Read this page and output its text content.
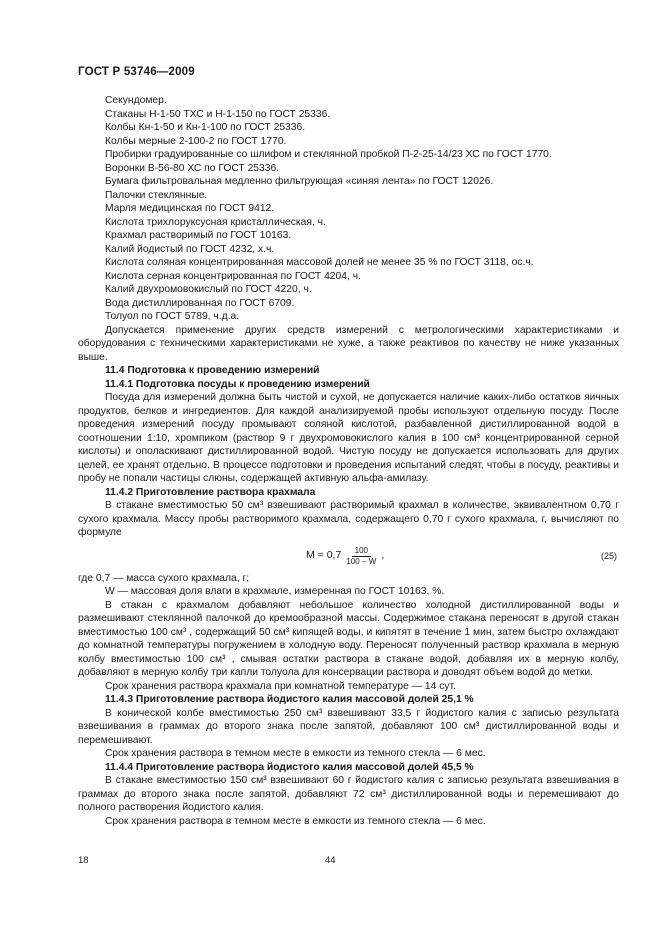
ГОСТ Р 53746—2009

Секундомер.

Стаканы Н-1-50 ТХС и Н-1-150 по ГОСТ 25336.

Колбы Кн-1-50 и Кн-1-100 по ГОСТ 25336.

Колбы мерные 2-100-2 по ГОСТ 1770.

Пробирки градуированные со шлифом и стеклянной пробкой П-2-25-14/23 ХС по ГОСТ 1770.

Воронки В-56-80 ХС по ГОСТ 25336.

Бумага фильтровальная медленно фильтрующая «синяя лента» по ГОСТ 12026.

Палочки стеклянные.

Марля медицинская по ГОСТ 9412.

Кислота трихлоруксусная кристаллическая, ч.

Крахмал растворимый по ГОСТ 10163.

Калий йодистый по ГОСТ 4232, х.ч.

Кислота соляная концентрированная массовой долей не менее 35 % по ГОСТ 3118, ос.ч.

Кислота серная концентрированная по ГОСТ 4204, ч.

Калий двухромовокислый по ГОСТ 4220, ч.

Вода дистиллированная по ГОСТ 6709.

Толуол по ГОСТ 5789, ч.д.а.

Допускается применение других средств измерений с метрологическими характеристиками и оборудования с техническими характеристиками не хуже, а также реактивов по качеству не ниже указанных выше.

11.4 Подготовка к проведению измерений

11.4.1 Подготовка посуды к проведению измерений

Посуда для измерений должна быть чистой и сухой, не допускается наличие каких-либо остатков яичных продуктов, белков и ингредиентов. Для каждой анализируемой пробы используют отдельную посуду. После проведения измерений посуду промывают соляной кислотой, разбавленной дистиллированной водой в соотношении 1:10, хромпиком (раствор 9 г двухромовокислого калия в 100 см³ концентрированной серной кислоты) и ополаскивают дистиллированной водой. Чистую посуду не допускается использовать для других целей, ее хранят отдельно. В процессе подготовки и проведения испытаний следят, чтобы в посуду, реактивы и пробу не попали частицы слюны, содержащей активную альфа-амилазу.

11.4.2 Приготовление раствора крахмала

В стакане вместимостью 50 см³ взвешивают растворимый крахмал в количестве, эквивалентном 0,70 г сухого крахмала. Массу пробы растворимого крахмала, содержащего 0,70 г сухого крахмала, г, вычисляют по формуле

$M = 0,7 \frac{100}{100 - W}$ ,	(25)

где 0,7 — масса сухого крахмала, г;

W — массовая доля влаги в крахмале, измеренная по ГОСТ 10163, %.

В стакан с крахмалом добавляют небольшое количество холодной дистиллированной воды и размешивают стеклянной палочкой до кремообразной массы. Содержимое стакана переносят в другой стакан вместимостью 100 см³ , содержащий 50 см³ кипящей воды, и кипятят в течение 1 мин, затем быстро охлаждают до комнатной температуры погружением в холодную воду. Переносят полученный раствор крахмала в мерную колбу вместимостью 100 см³ , смывая остатки раствора в стакане водой, добавляя их в мерную колбу, добавляют в мерную колбу три капли толуола для консервации раствора и доводят объем водой до метки.

Срок хранения раствора крахмала при комнатной температуре — 14 сут.

11.4.3 Приготовление раствора йодистого калия массовой долей 25,1 %

В конической колбе вместимостью 250 см³ взвешивают 33,5 г йодистого калия с записью результата взвешивания в граммах до второго знака после запятой, добавляют 100 см³ дистиллированной воды и перемешивают.

Срок хранения раствора в темном месте в емкости из темного стекла — 6 мес.

11.4.4 Приготовление раствора йодистого калия массовой долей 45,5 %

В стакане вместимостью 150 см³ взвешивают 60 г йодистого калия с записью результата взвешивания в граммах до второго знака после запятой, добавляют 72 см³ дистиллированной воды и перемешивают до полного растворения йодистого калия.

Срок хранения раствора в темном месте в емкости из темного стекла — 6 мес.

18	44
